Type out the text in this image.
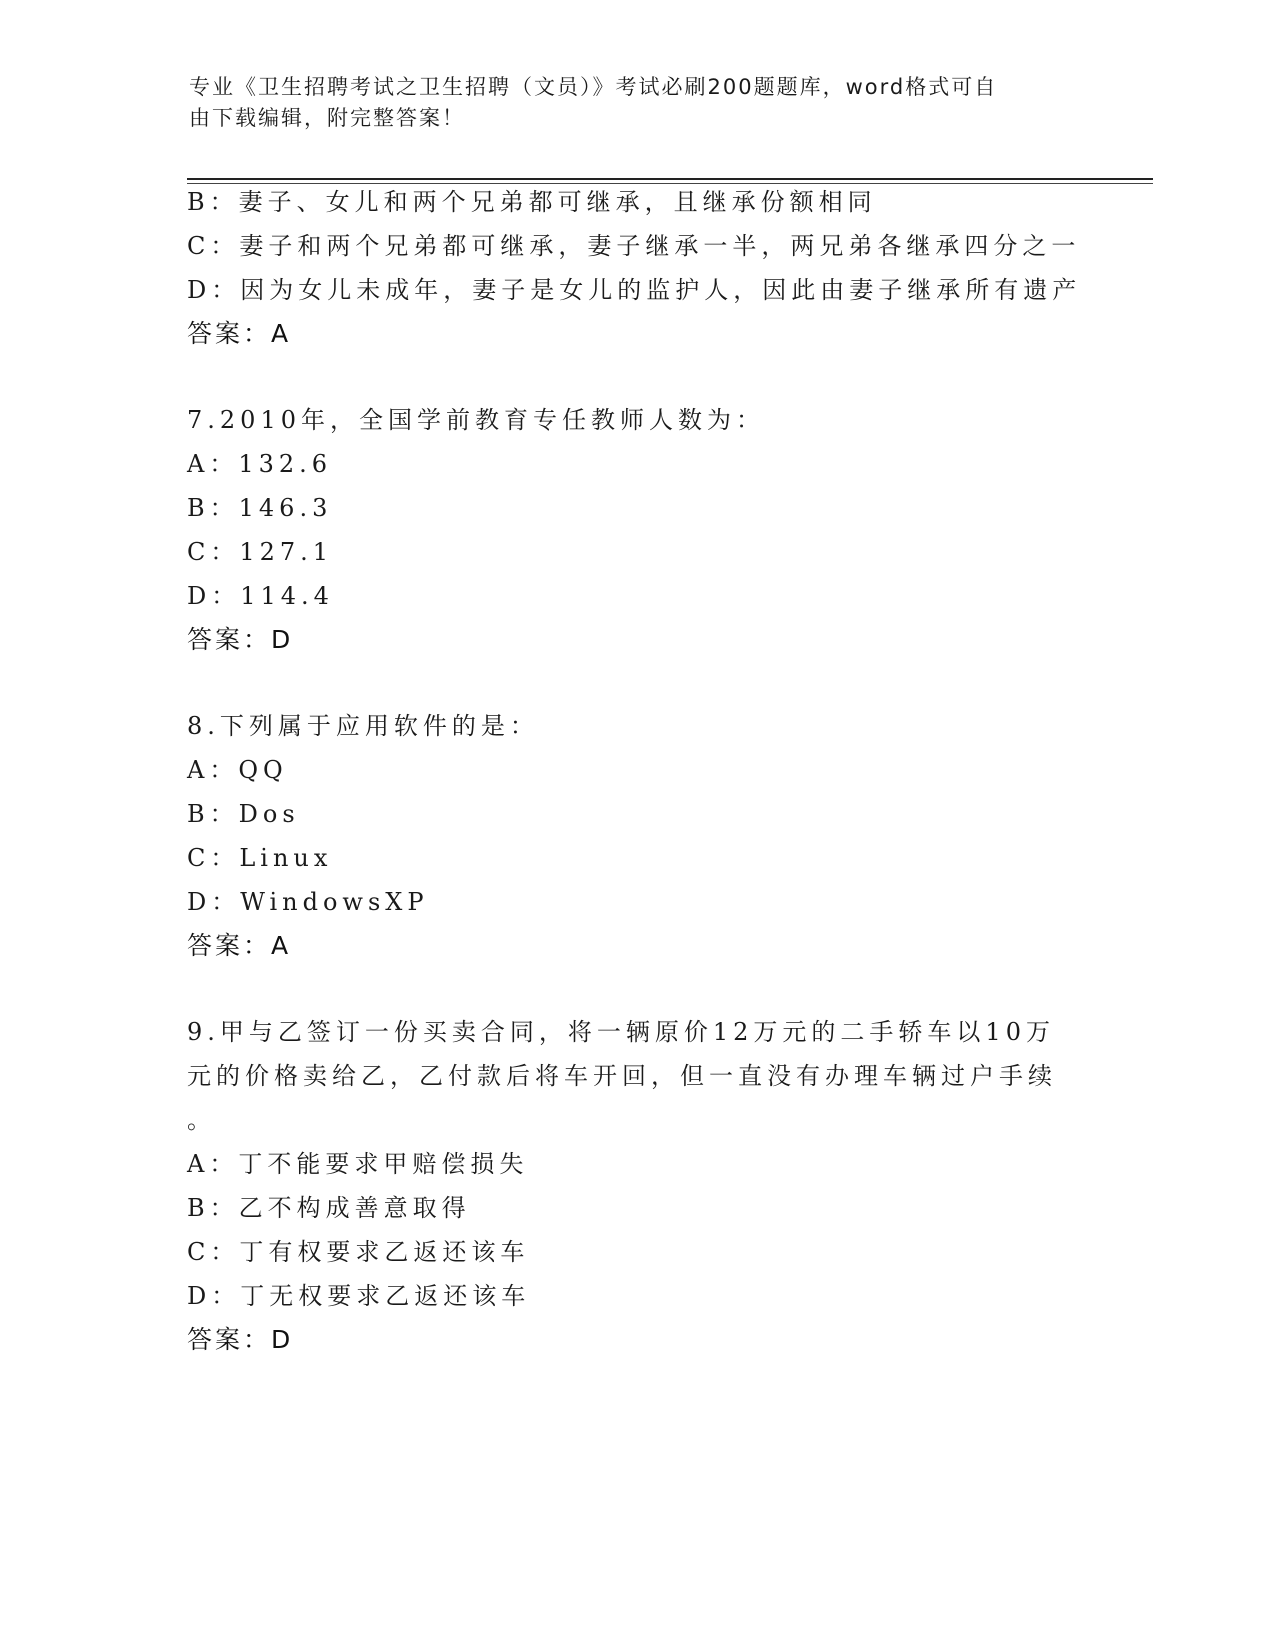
专业《卫生招聘考试之卫生招聘（文员）》考试必刷200题题库，word格式可自
由下载编辑，附完整答案！
B：妻子、女儿和两个兄弟都可继承，且继承份额相同
C：妻子和两个兄弟都可继承，妻子继承一半，两兄弟各继承四分之一
D：因为女儿未成年，妻子是女儿的监护人，因此由妻子继承所有遗产
答案：A
7.2010年，全国学前教育专任教师人数为：
A：132.6
B：146.3
C：127.1
D：114.4
答案：D
8.下列属于应用软件的是：
A：QQ
B：Dos
C：Linux
D：WindowsXP
答案：A
9.甲与乙签订一份买卖合同，将一辆原价12万元的二手轿车以10万
元的价格卖给乙，乙付款后将车开回，但一直没有办理车辆过户手续
。
A：丁不能要求甲赔偿损失
B：乙不构成善意取得
C：丁有权要求乙返还该车
D：丁无权要求乙返还该车
答案：D
